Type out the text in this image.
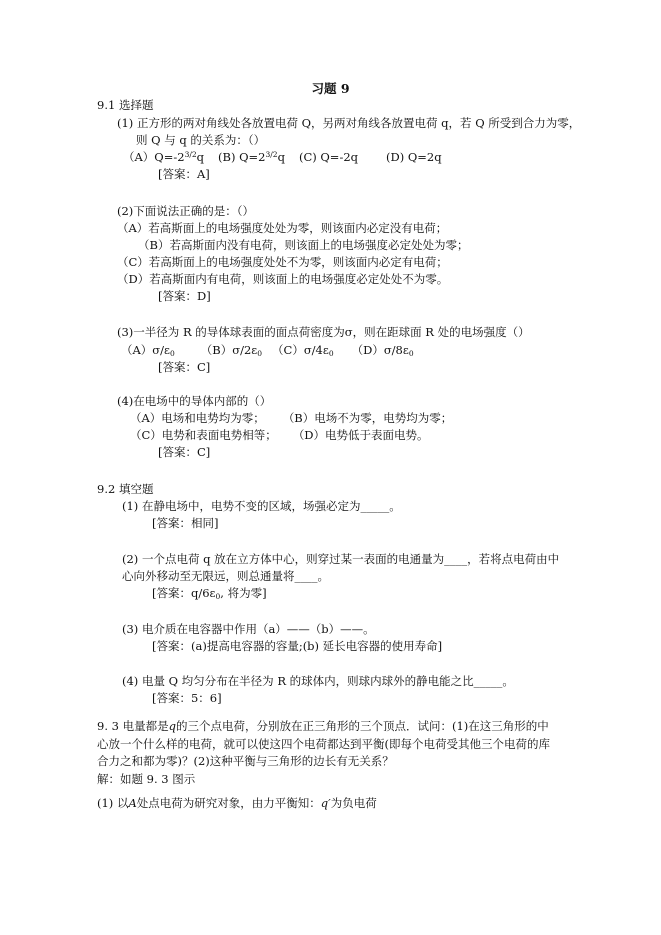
习题 9
9.1 选择题
(1) 正方形的两对角线处各放置电荷 Q，另两对角线各放置电荷 q，若 Q 所受到合力为零，
则 Q 与 q 的关系为：（）
$(A)Q=-2^{3/2}q$ (B) $Q=2^{3/2}q$ (C) Q=-2q (D) Q=2q
[答案：A]
(2)下面说法正确的是：（）
（A）若高斯面上的电场强度处处为零，则该面内必定没有电荷；
（B）若高斯面内没有电荷，则该面上的电场强度必定处处为零；
（C）若高斯面上的电场强度处处不为零，则该面内必定有电荷；
（D）若高斯面内有电荷，则该面上的电场强度必定处处不为零。
[答案：D]
(3)一半径为 R 的导体球表面的面点荷密度为σ，则在距球面 R 处的电场强度（）
$(A)\sigma/\varepsilon_0$ $(B)\sigma/2\varepsilon_0$ $(C)\sigma/4\varepsilon_0$ $(D)\sigma/8\varepsilon_0$
[答案：C]
(4)在电场中的导体内部的（）
（A）电场和电势均为零； （B）电场不为零，电势均为零；
（C）电势和表面电势相等； （D）电势低于表面电势。
[答案：C]
9.2 填空题
(1) 在静电场中，电势不变的区域，场强必定为_____。
[答案：相同]
(2) 一个点电荷 q 放在立方体中心，则穿过某一表面的电通量为____，若将点电荷由中
心向外移动至无限远，则总通量将____。
[答案：$q/6\varepsilon_0$, 将为零]
(3) 电介质在电容器中作用（a）——（b）——。
[答案：(a)提高电容器的容量;(b) 延长电容器的使用寿命]
(4) 电量 Q 均匀分布在半径为 R 的球体内，则球内球外的静电能之比_____。
[答案：5：6]
9. 3 电量都是q的三个点电荷，分别放在正三角形的三个顶点．试问：(1)在这三角形的中
心放一个什么样的电荷，就可以使这四个电荷都达到平衡(即每个电荷受其他三个电荷的库
合力之和都为零)？(2)这种平衡与三角形的边长有无关系？
解：如题 9. 3 图示
(1) 以A处点电荷为研究对象，由力平衡知：q′为负电荷
